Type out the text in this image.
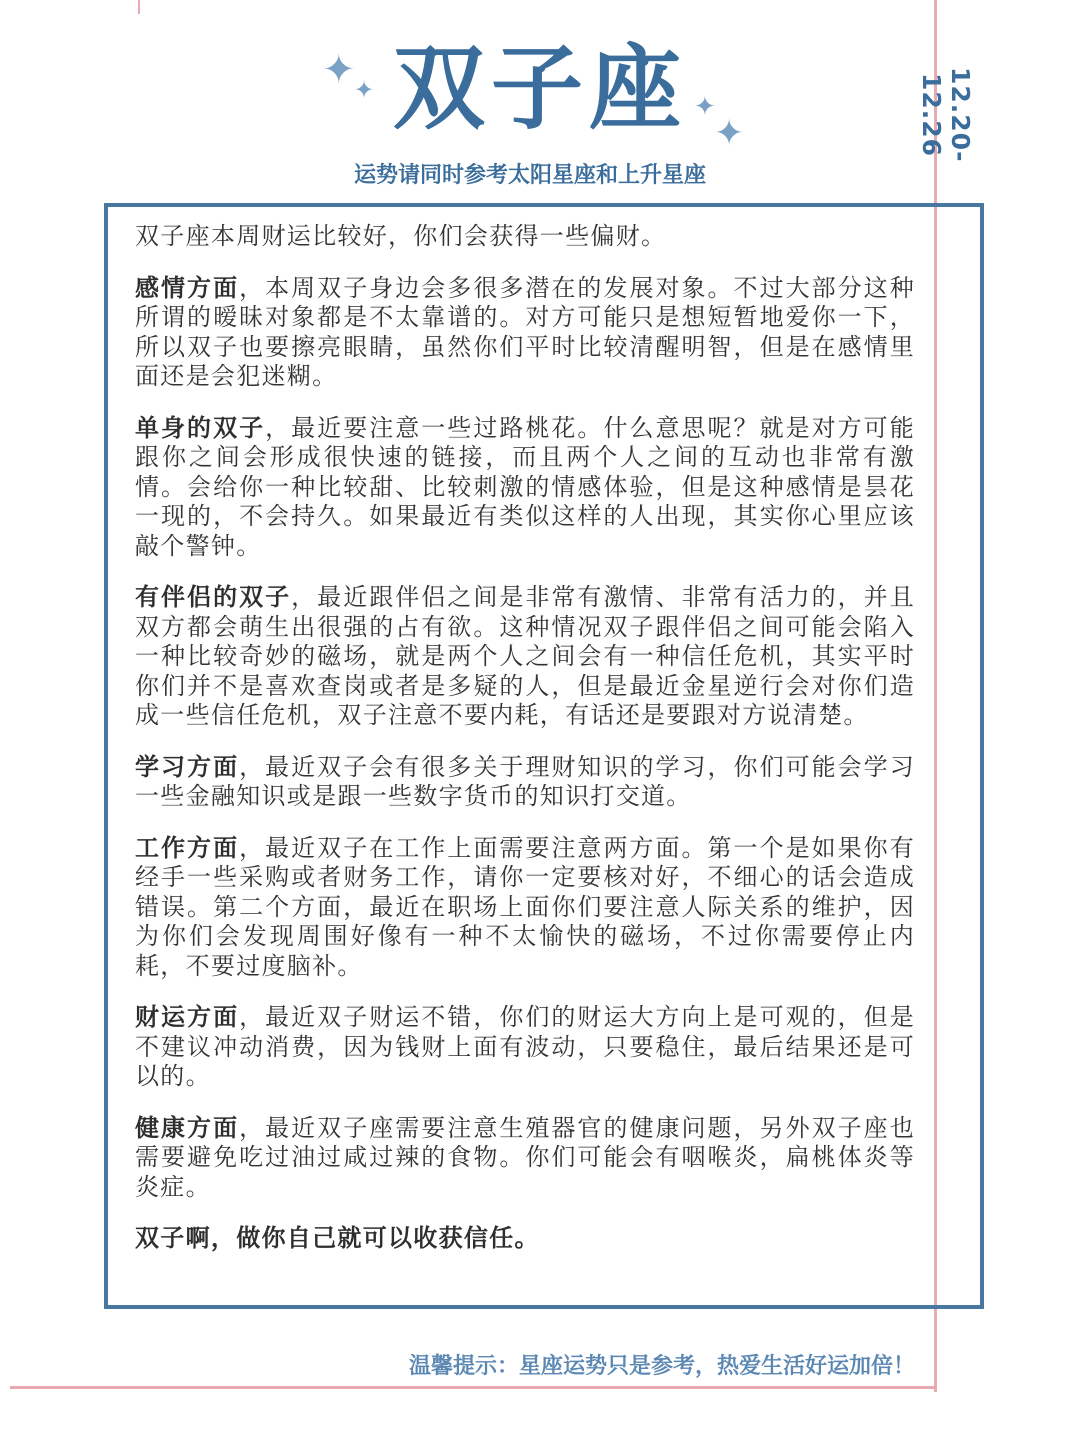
✦
✦
✦
✦
双子座
运势请同时参考太阳星座和上升星座
12.20-12.26

双子座本周财运比较好，你们会获得一些偏财。

感情方面，本周双子身边会多很多潜在的发展对象。不过大部分这种所谓的暧昧对象都是不太靠谱的。对方可能只是想短暂地爱你一下，所以双子也要擦亮眼睛，虽然你们平时比较清醒明智，但是在感情里面还是会犯迷糊。

单身的双子，最近要注意一些过路桃花。什么意思呢？就是对方可能跟你之间会形成很快速的链接，而且两个人之间的互动也非常有激情。会给你一种比较甜、比较刺激的情感体验，但是这种感情是昙花一现的，不会持久。如果最近有类似这样的人出现，其实你心里应该敲个警钟。

有伴侣的双子，最近跟伴侣之间是非常有激情、非常有活力的，并且双方都会萌生出很强的占有欲。这种情况双子跟伴侣之间可能会陷入一种比较奇妙的磁场，就是两个人之间会有一种信任危机，其实平时你们并不是喜欢查岗或者是多疑的人，但是最近金星逆行会对你们造成一些信任危机，双子注意不要内耗，有话还是要跟对方说清楚。

学习方面，最近双子会有很多关于理财知识的学习，你们可能会学习一些金融知识或是跟一些数字货币的知识打交道。

工作方面，最近双子在工作上面需要注意两方面。第一个是如果你有经手一些采购或者财务工作，请你一定要核对好，不细心的话会造成错误。第二个方面，最近在职场上面你们要注意人际关系的维护，因为你们会发现周围好像有一种不太愉快的磁场，不过你需要停止内耗，不要过度脑补。

财运方面，最近双子财运不错，你们的财运大方向上是可观的，但是不建议冲动消费，因为钱财上面有波动，只要稳住，最后结果还是可以的。

健康方面，最近双子座需要注意生殖器官的健康问题，另外双子座也需要避免吃过油过咸过辣的食物。你们可能会有咽喉炎，扁桃体炎等炎症。

双子啊，做你自己就可以收获信任。

温馨提示：星座运势只是参考，热爱生活好运加倍！
